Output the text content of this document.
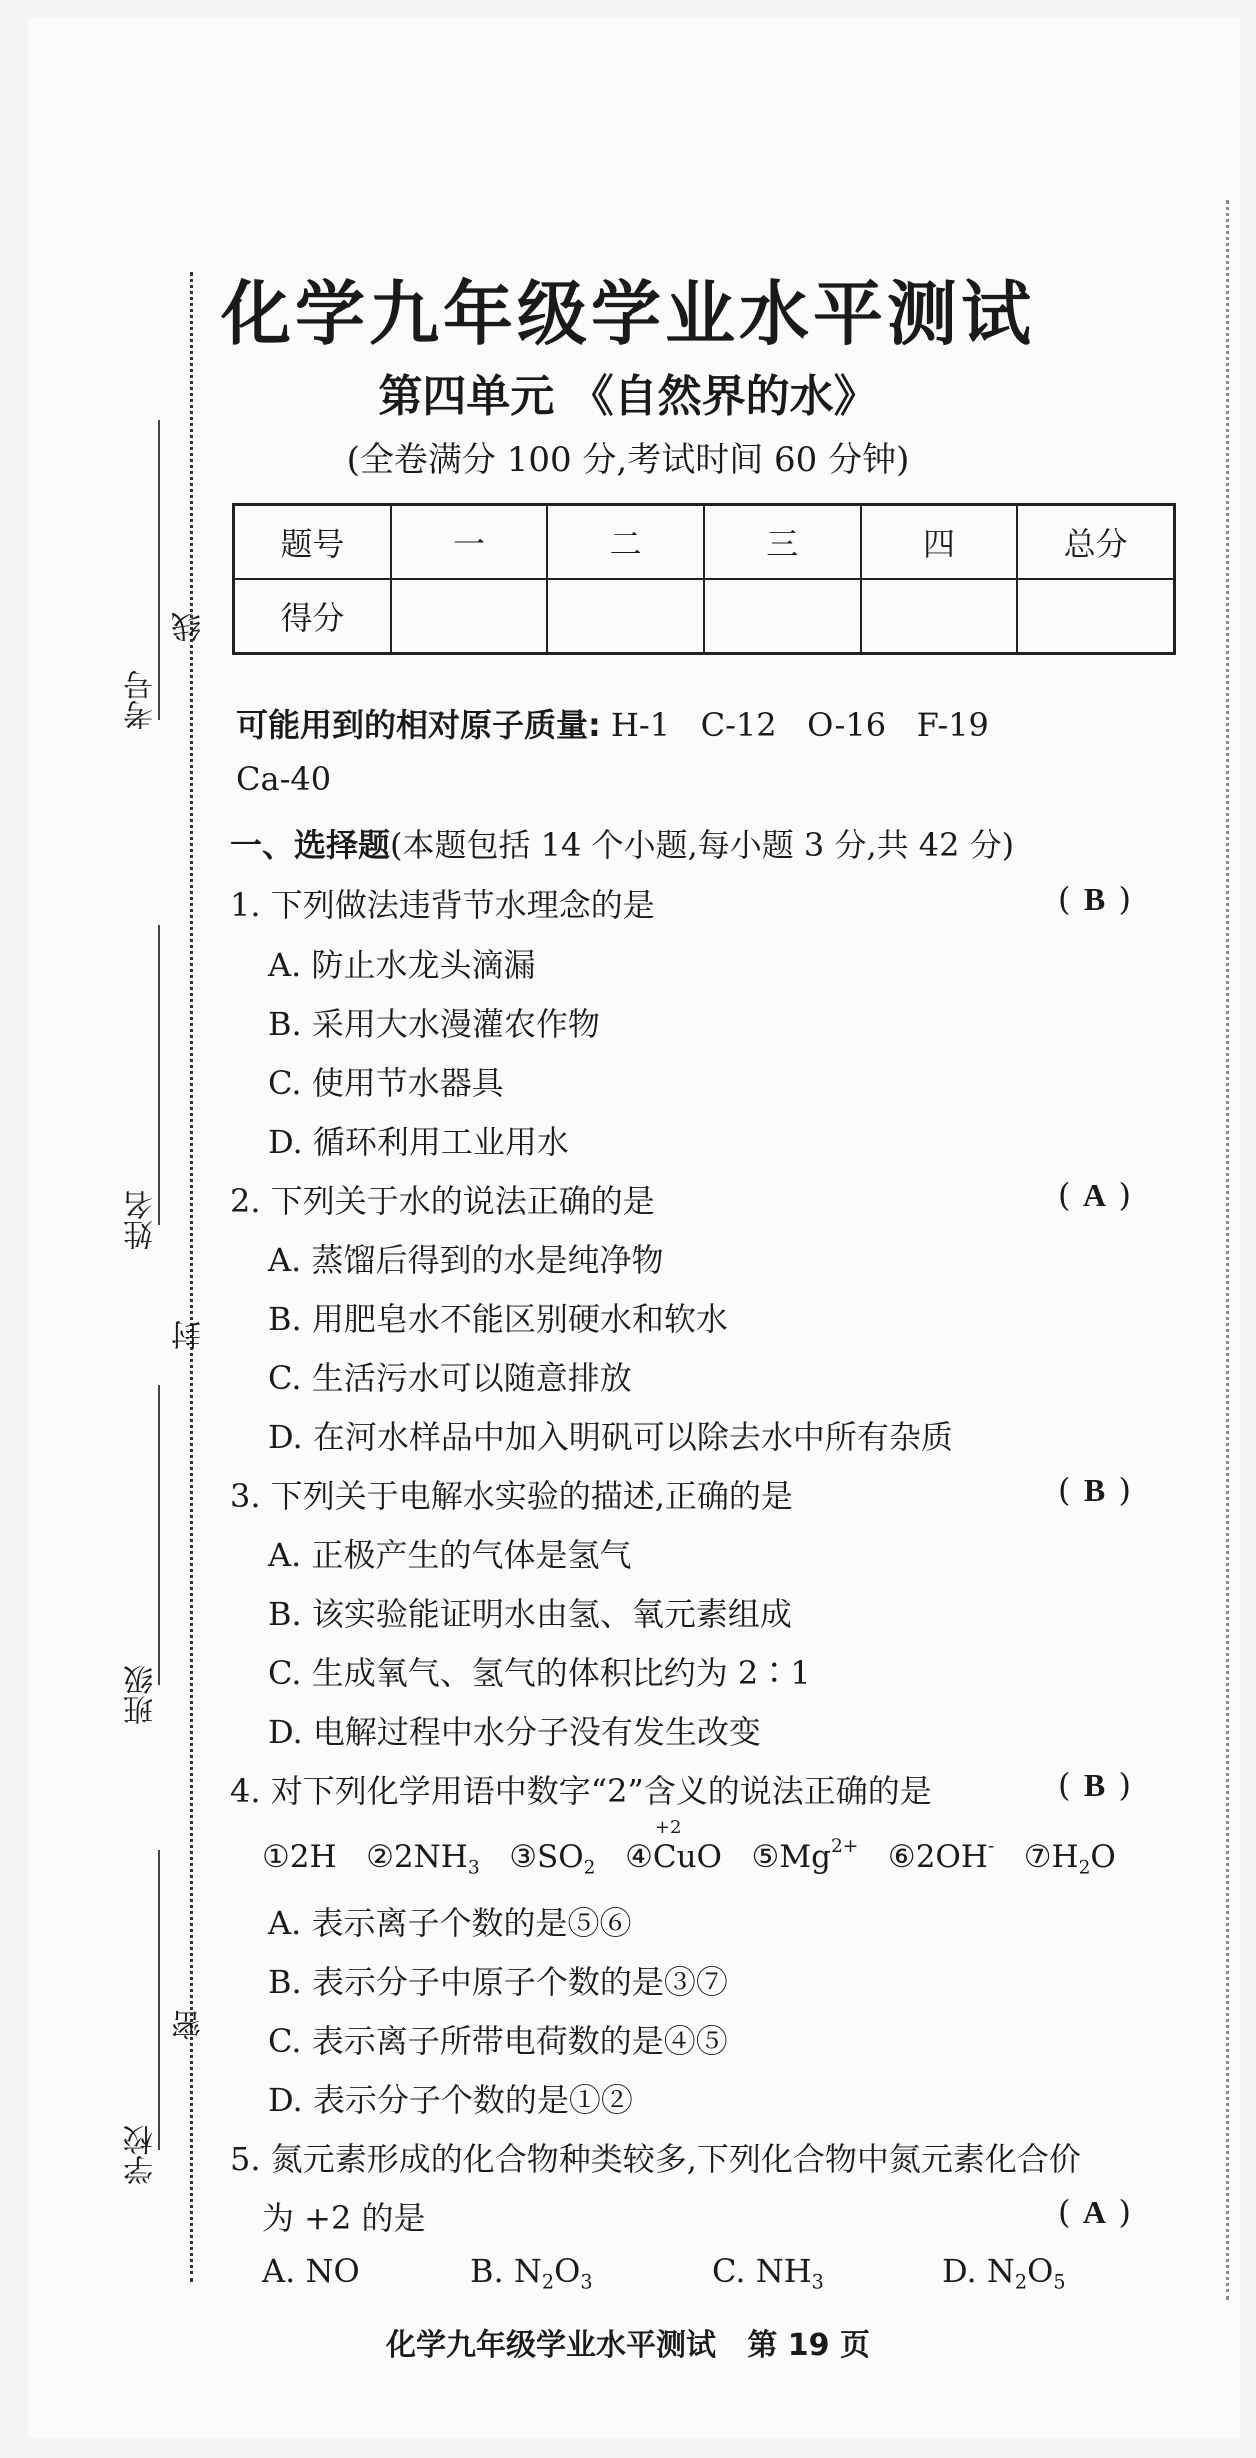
考号
线
姓名
封
班级
学校
密
化学九年级学业水平测试
第四单元 《自然界的水》
(全卷满分 100 分,考试时间 60 分钟)
题号	一	二	三	四	总分
得分					
可能用到的相对原子质量: H-1   C-12   O-16   F-19
Ca-40
一、选择题(本题包括 14 个小题,每小题 3 分,共 42 分)
1. 下列做法违背节水理念的是	( B )
A. 防止水龙头滴漏
B. 采用大水漫灌农作物
C. 使用节水器具
D. 循环利用工业用水
2. 下列关于水的说法正确的是	( A )
A. 蒸馏后得到的水是纯净物
B. 用肥皂水不能区别硬水和软水
C. 生活污水可以随意排放
D. 在河水样品中加入明矾可以除去水中所有杂质
3. 下列关于电解水实验的描述,正确的是	( B )
A. 正极产生的气体是氢气
B. 该实验能证明水由氢、氧元素组成
C. 生成氧气、氢气的体积比约为 2∶1
D. 电解过程中水分子没有发生改变
4. 对下列化学用语中数字“2”含义的说法正确的是	( B )
①2H $②2NH_3$ $③SO_2$ ④
+2
CuO $⑤Mg^{2+}$ ⑥2OH- $⑦H_2O$
A. 表示离子个数的是⑤⑥
B. 表示分子中原子个数的是③⑦
C. 表示离子所带电荷数的是④⑤
D. 表示分子个数的是①②
5. 氮元素形成的化合物种类较多,下列化合物中氮元素化合价
为 +2 的是	( A )
A. NO	B. $N_2O_3$	C. $NH_3$	D. $N_2O_5$
化学九年级学业水平测试   第 19 页
